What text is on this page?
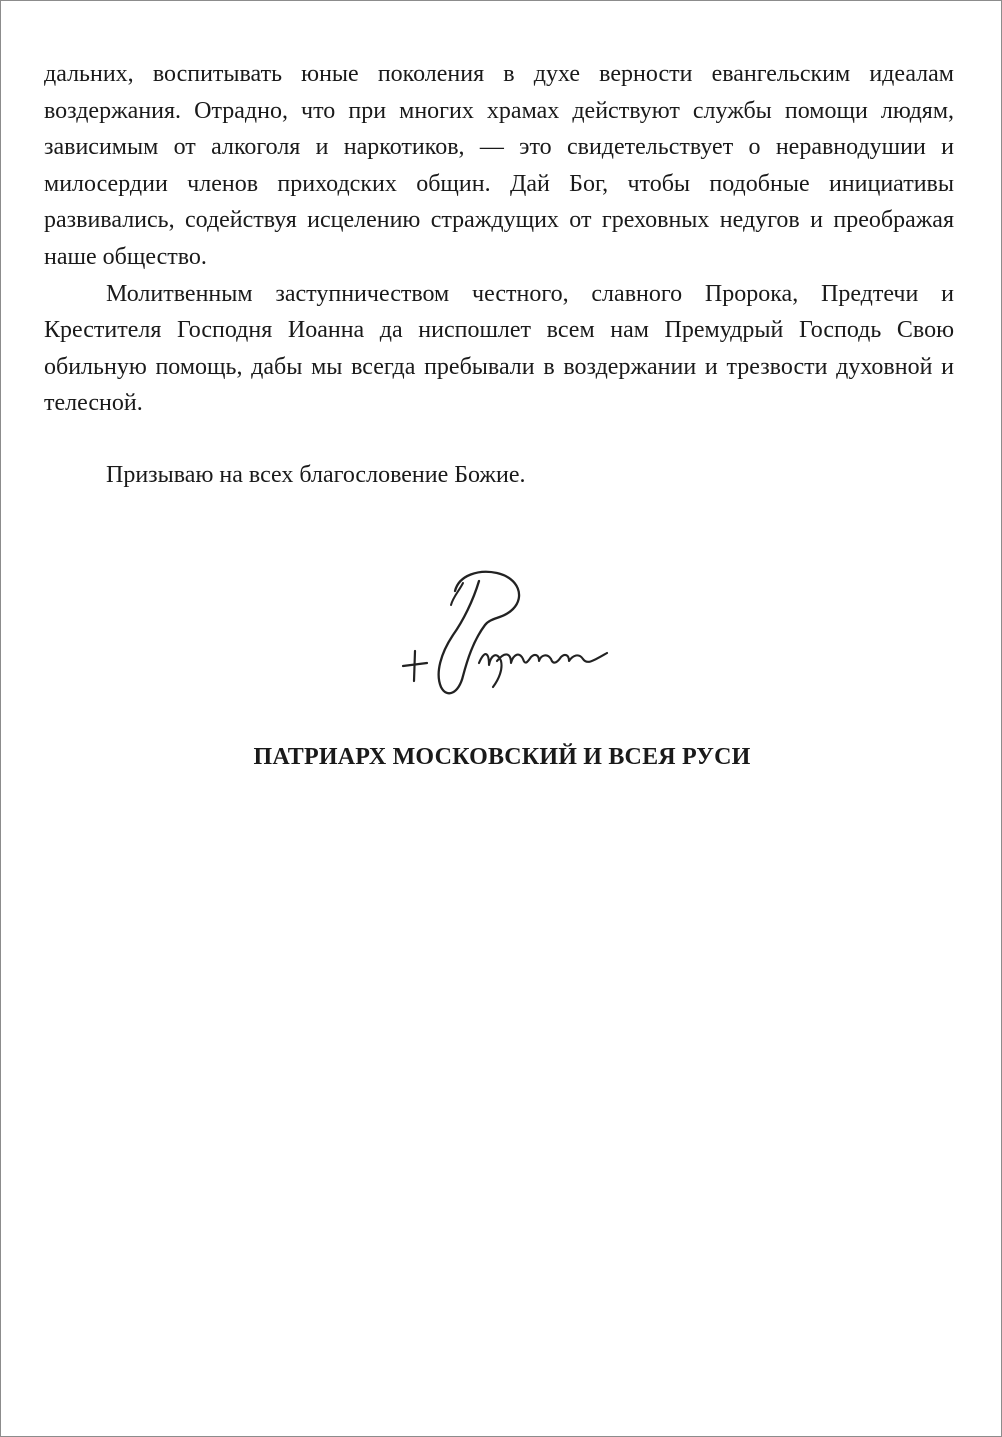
дальних, воспитывать юные поколения в духе верности евангельским идеалам воздержания. Отрадно, что при многих храмах действуют службы помощи людям, зависимым от алкоголя и наркотиков, — это свидетельствует о неравнодушии и милосердии членов приходских общин. Дай Бог, чтобы подобные инициативы развивались, содействуя исцелению страждущих от греховных недугов и преображая наше общество.

Молитвенным заступничеством честного, славного Пророка, Предтечи и Крестителя Господня Иоанна да ниспошлет всем нам Премудрый Господь Свою обильную помощь, дабы мы всегда пребывали в воздержании и трезвости духовной и телесной.

Призываю на всех благословение Божие.

ПАТРИАРХ МОСКОВСКИЙ И ВСЕЯ РУСИ
